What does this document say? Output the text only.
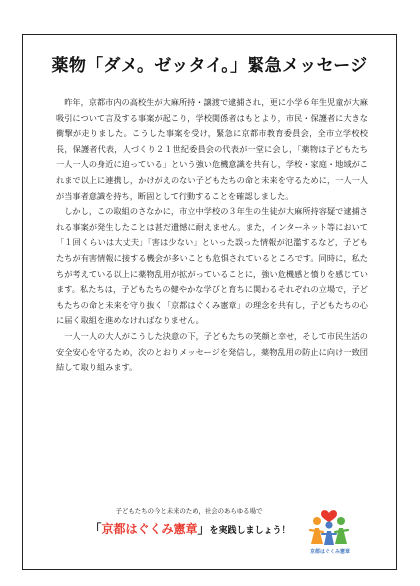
薬物「ダメ。ゼッタイ。」緊急メッセージ

昨年，京都市内の高校生が大麻所持・譲渡で逮捕され，更に小学６年生児童が大麻吸引について言及する事案が起こり，学校関係者はもとより，市民・保護者に大きな衝撃が走りました。こうした事案を受け，緊急に京都市教育委員会，全市立学校校長，保護者代表，人づくり２１世紀委員会の代表が一堂に会し，「薬物は子どもたち一人一人の身近に迫っている」という強い危機意識を共有し，学校・家庭・地域がこれまで以上に連携し，かけがえのない子どもたちの命と未来を守るために，一人一人が当事者意識を持ち，断固として行動することを確認しました。

しかし，この取組のさなかに，市立中学校の３年生の生徒が大麻所持容疑で逮捕される事案が発生したことは甚だ遺憾に耐えません。また，インターネット等において「１回くらいは大丈夫」「害は少ない」といった誤った情報が氾濫するなど，子どもたちが有害情報に接する機会が多いことも危惧されているところです。同時に，私たちが考えている以上に薬物乱用が拡がっていることに，強い危機感と憤りを感じています。私たちは，子どもたちの健やかな学びと育ちに関わるそれぞれの立場で，子どもたちの命と未来を守り抜く「京都はぐくみ憲章」の理念を共有し，子どもたちの心に届く取組を進めなければなりません。

一人一人の大人がこうした決意の下，子どもたちの笑顔と幸せ，そして市民生活の安全安心を守るため，次のとおりメッセージを発信し，薬物乱用の防止に向け一致団結して取り組みます。

子どもたちの今と未来のため，社会のあらゆる場で
「京都はぐくみ憲章」を実践しましょう！
京都はぐくみ憲章
